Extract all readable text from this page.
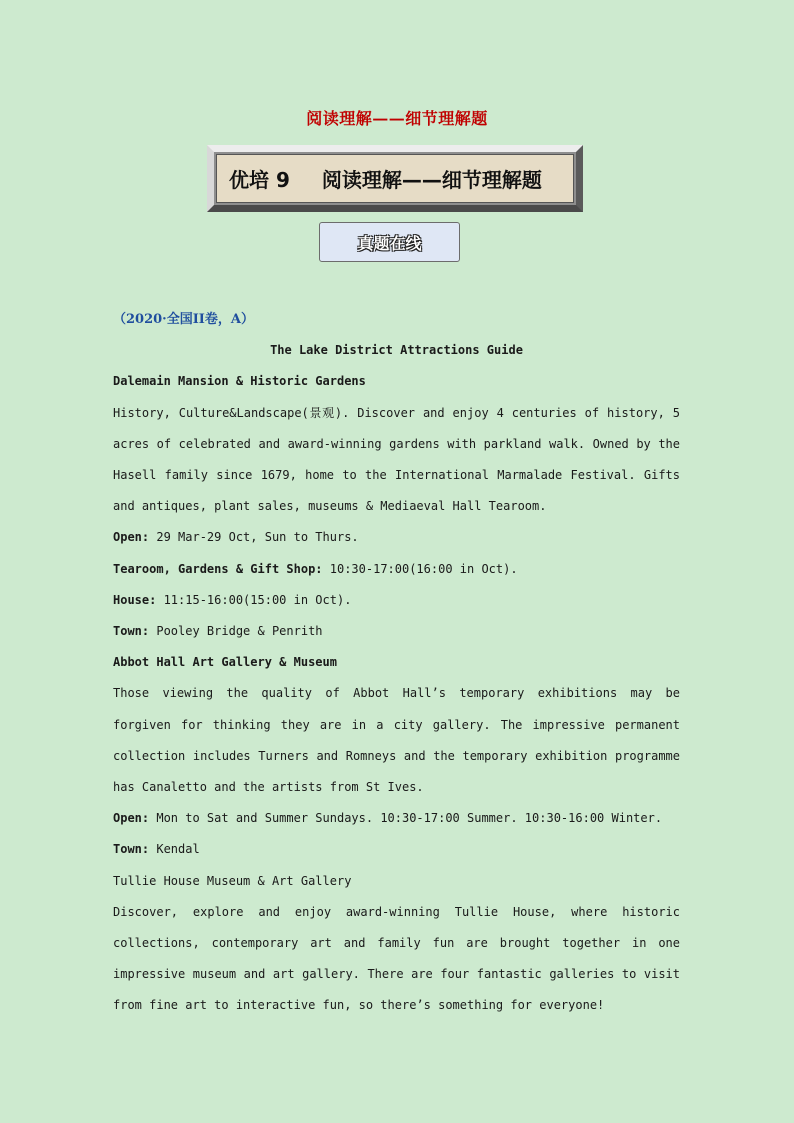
阅读理解——细节理解题
优培 9 阅读理解——细节理解题
真题在线

（2020·全国II卷，A）

The Lake District Attractions Guide

Dalemain Mansion & Historic Gardens

History, Culture&Landscape(景观). Discover and enjoy 4 centuries of history, 5 acres of celebrated and award-winning gardens with parkland walk. Owned by the Hasell family since 1679, home to the International Marmalade Festival. Gifts and antiques, plant sales, museums & Mediaeval Hall Tearoom.

Open: 29 Mar-29 Oct, Sun to Thurs.

Tearoom, Gardens & Gift Shop: 10:30-17:00(16:00 in Oct).

House: 11:15-16:00(15:00 in Oct).

Town: Pooley Bridge & Penrith

Abbot Hall Art Gallery & Museum

Those viewing the quality of Abbot Hall’s temporary exhibitions may be forgiven for thinking they are in a city gallery. The impressive permanent collection includes Turners and Romneys and the temporary exhibition programme has Canaletto and the artists from St Ives.

Open: Mon to Sat and Summer Sundays. 10:30-17:00 Summer. 10:30-16:00 Winter.

Town: Kendal

Tullie House Museum & Art Gallery

Discover, explore and enjoy award-winning Tullie House, where historic collections, contemporary art and family fun are brought together in one impressive museum and art gallery. There are four fantastic galleries to visit from fine art to interactive fun, so there’s something for everyone!
